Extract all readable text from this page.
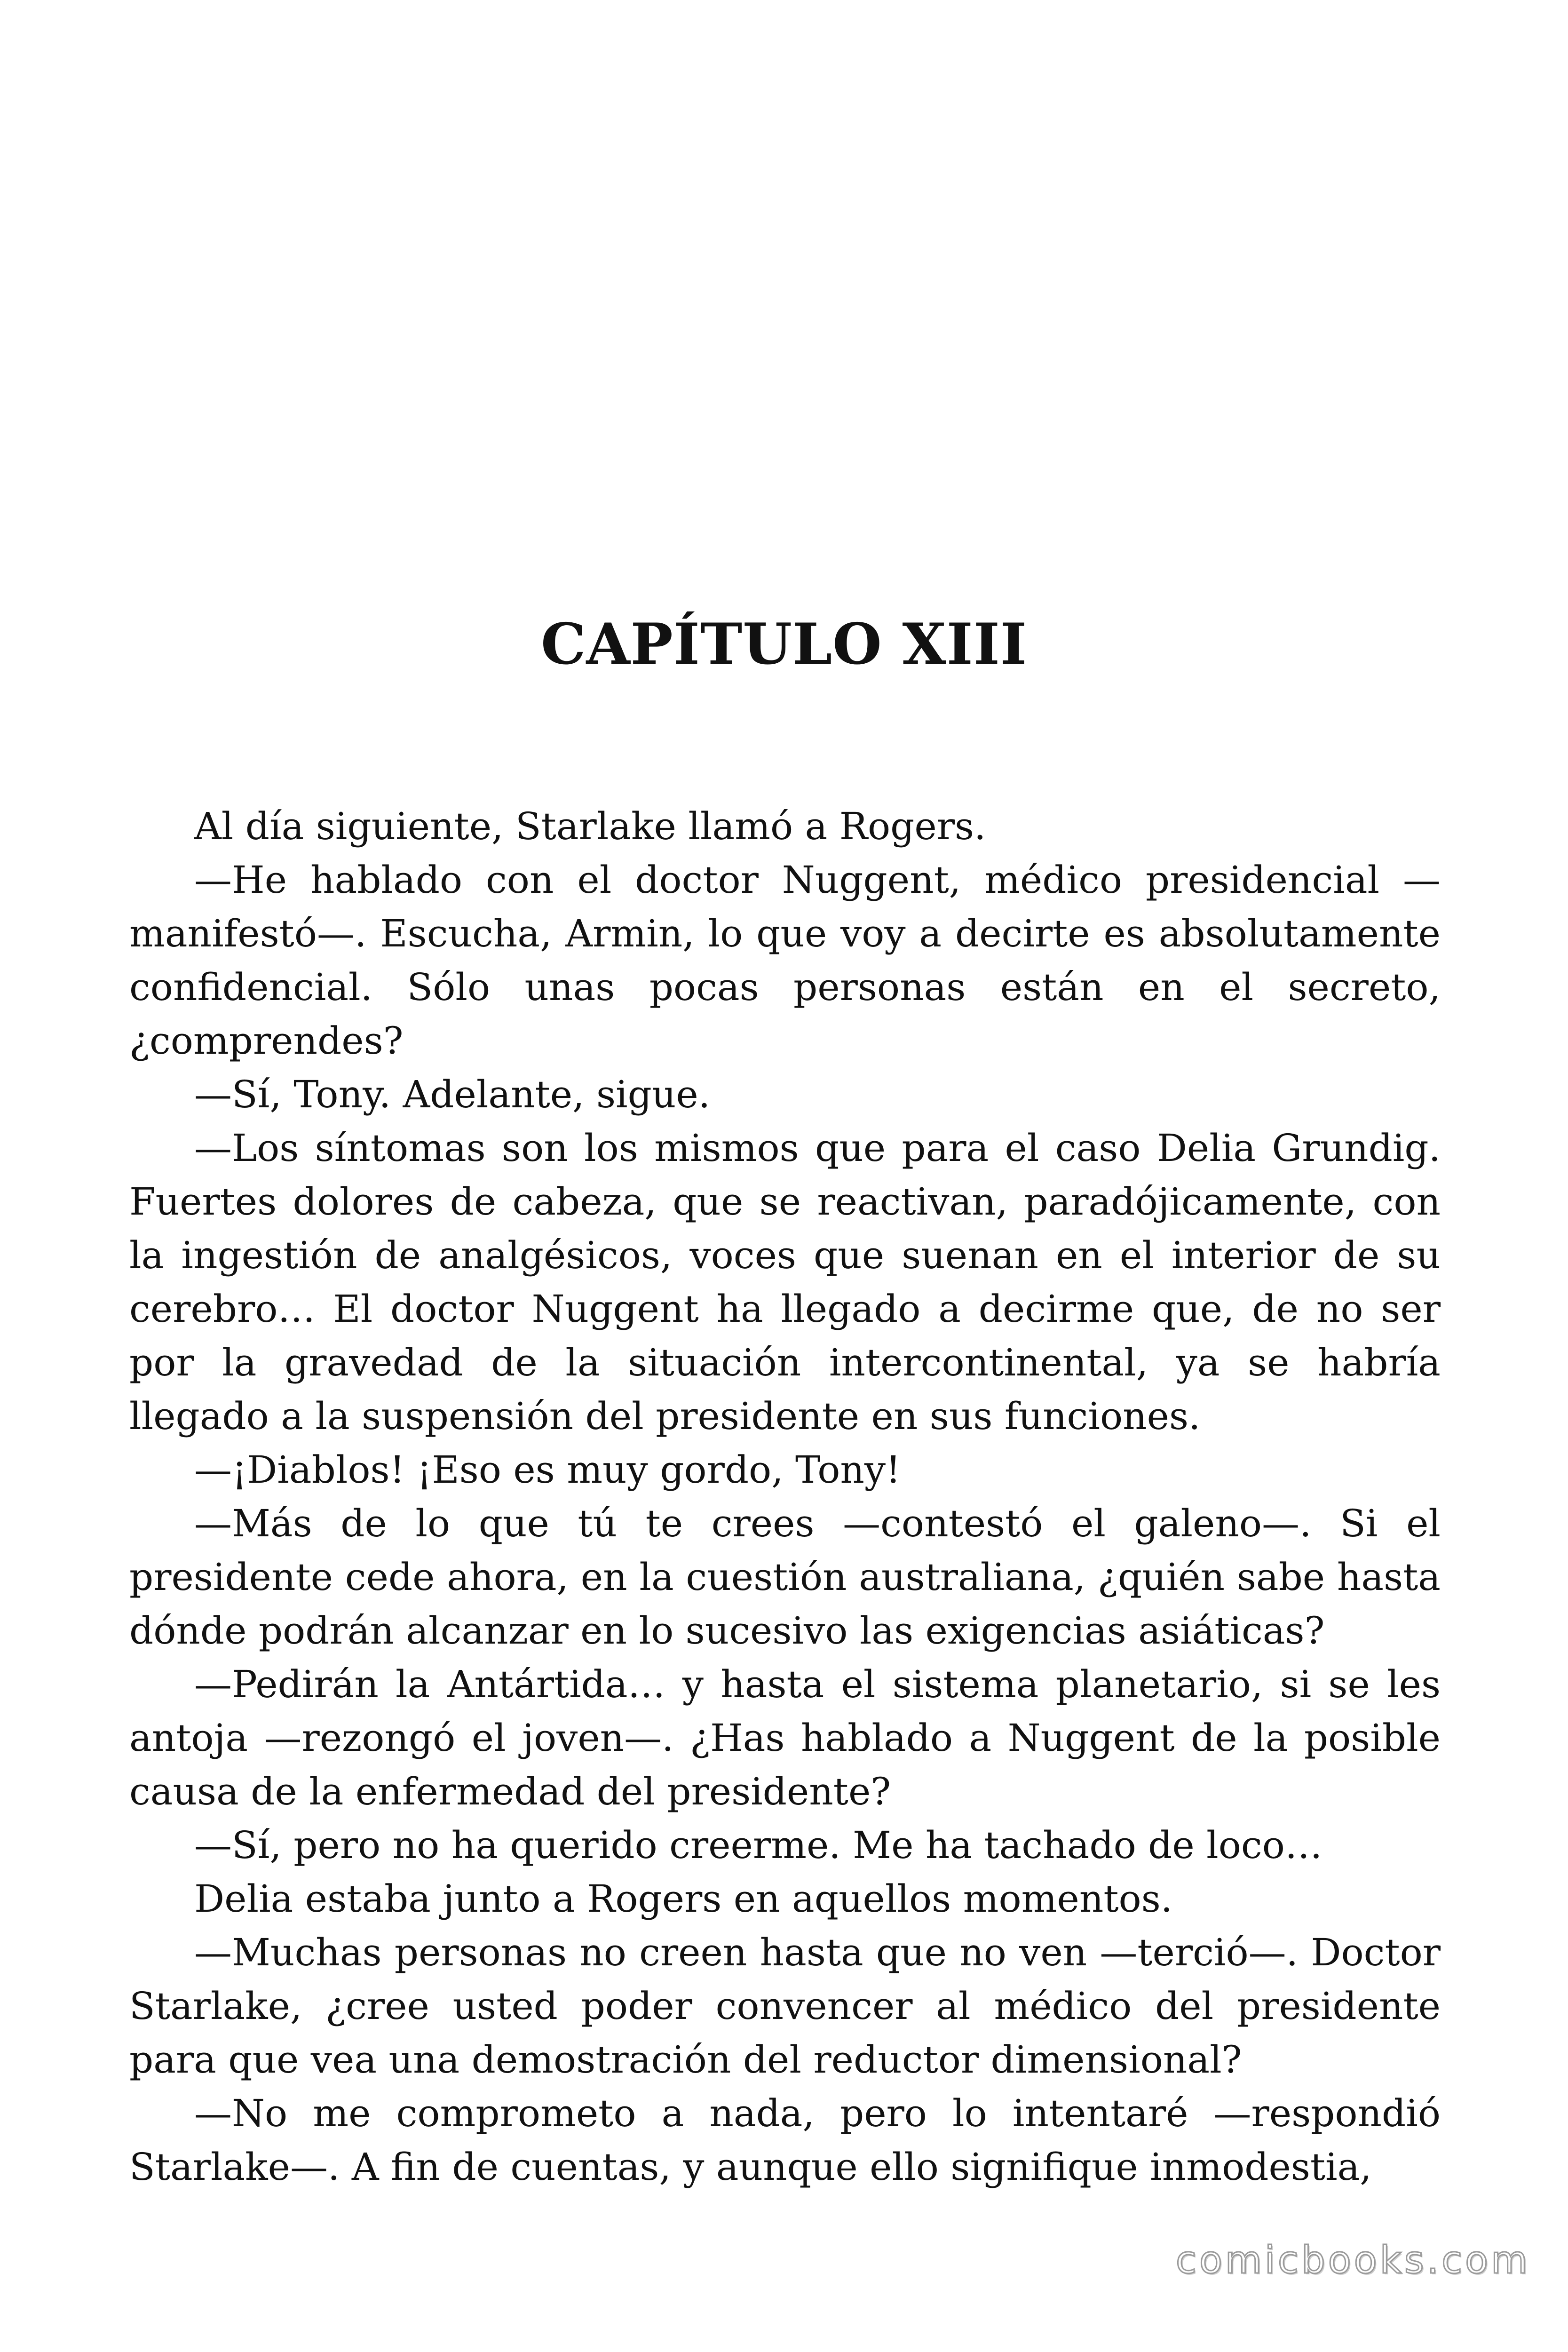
CAPÍTULO XIII

Al día siguiente, Starlake llamó a Rogers.

—He hablado con el doctor Nuggent, médico presidencial —manifestó—. Escucha, Armin, lo que voy a decirte es absolutamente confidencial. Sólo unas pocas personas están en el secreto, ¿comprendes?

—Sí, Tony. Adelante, sigue.

—Los síntomas son los mismos que para el caso Delia Grundig. Fuertes dolores de cabeza, que se reactivan, paradójicamente, con la ingestión de analgésicos, voces que suenan en el interior de su cerebro… El doctor Nuggent ha llegado a decirme que, de no ser por la gravedad de la situación intercontinental, ya se habría llegado a la suspensión del presidente en sus funciones.

—¡Diablos! ¡Eso es muy gordo, Tony!

—Más de lo que tú te crees —contestó el galeno—. Si el presidente cede ahora, en la cuestión australiana, ¿quién sabe hasta dónde podrán alcanzar en lo sucesivo las exigencias asiáticas?

—Pedirán la Antártida… y hasta el sistema planetario, si se les antoja —rezongó el joven—. ¿Has hablado a Nuggent de la posible causa de la enfermedad del presidente?

—Sí, pero no ha querido creerme. Me ha tachado de loco…

Delia estaba junto a Rogers en aquellos momentos.

—Muchas personas no creen hasta que no ven —terció—. Doctor Starlake, ¿cree usted poder convencer al médico del presidente para que vea una demostración del reductor dimensional?

—No me comprometo a nada, pero lo intentaré —respondió Starlake—. A fin de cuentas, y aunque ello signifique inmodestia,

comicbooks.com
